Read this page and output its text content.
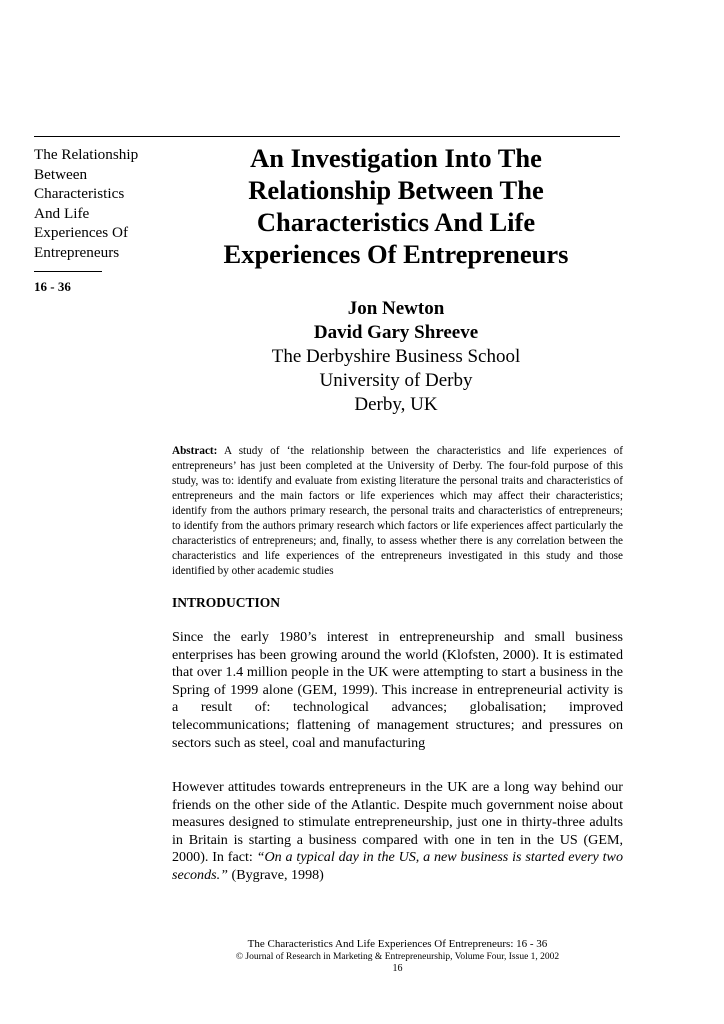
The Relationship
Between
Characteristics
And Life
Experiences Of
Entrepreneurs
16 - 36
An Investigation Into The
Relationship Between The
Characteristics And Life
Experiences Of Entrepreneurs
Jon Newton
David Gary Shreeve
The Derbyshire Business School
University of Derby
Derby, UK

Abstract: A study of ‘the relationship between the characteristics and life experiences of entrepreneurs’ has just been completed at the University of Derby. The four-fold purpose of this study, was to: identify and evaluate from existing literature the personal traits and characteristics of entrepreneurs and the main factors or life experiences which may affect their characteristics; identify from the authors primary research, the personal traits and characteristics of entrepreneurs; to identify from the authors primary research which factors or life experiences affect particularly the characteristics of entrepreneurs; and, finally, to assess whether there is any correlation between the characteristics and life experiences of the entrepreneurs investigated in this study and those identified by other academic studies

INTRODUCTION

Since the early 1980’s interest in entrepreneurship and small business enterprises has been growing around the world (Klofsten, 2000). It is estimated that over 1.4 million people in the UK were attempting to start a business in the Spring of 1999 alone (GEM, 1999). This increase in entrepreneurial activity is a result of: technological advances; globalisation; improved telecommunications; flattening of management structures; and pressures on sectors such as steel, coal and manufacturing

However attitudes towards entrepreneurs in the UK are a long way behind our friends on the other side of the Atlantic. Despite much government noise about measures designed to stimulate entrepreneurship, just one in thirty-three adults in Britain is starting a business compared with one in ten in the US (GEM, 2000). In fact: “On a typical day in the US, a new business is started every two seconds.” (Bygrave, 1998)

The Characteristics And Life Experiences Of Entrepreneurs: 16 - 36
© Journal of Research in Marketing & Entrepreneurship, Volume Four, Issue 1, 2002
16
